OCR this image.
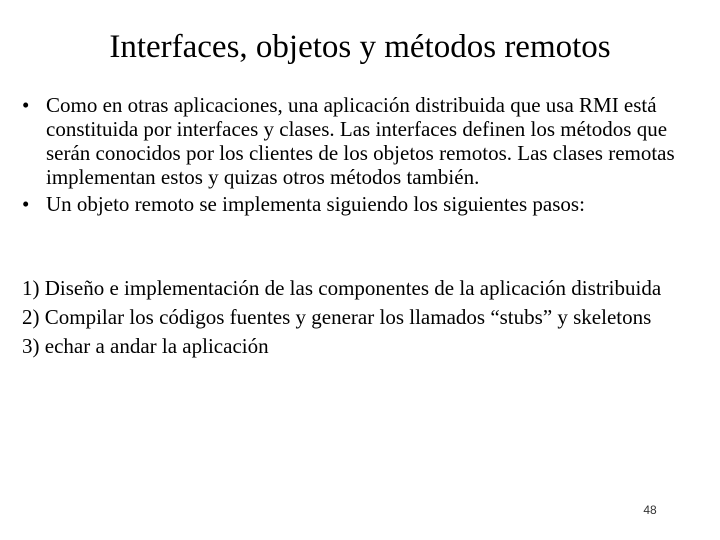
Interfaces, objetos y métodos remotos
• Como en otras aplicaciones, una aplicación distribuida que usa RMI está constituida por interfaces y clases. Las interfaces definen los métodos que serán conocidos por los clientes de los objetos remotos. Las clases remotas implementan estos y quizas otros métodos también.
• Un objeto remoto se implementa siguiendo los siguientes pasos:
1) Diseño e implementación de las componentes de la aplicación distribuida
2) Compilar los códigos fuentes y generar los llamados “stubs” y skeletons
3) echar a andar la aplicación
48
